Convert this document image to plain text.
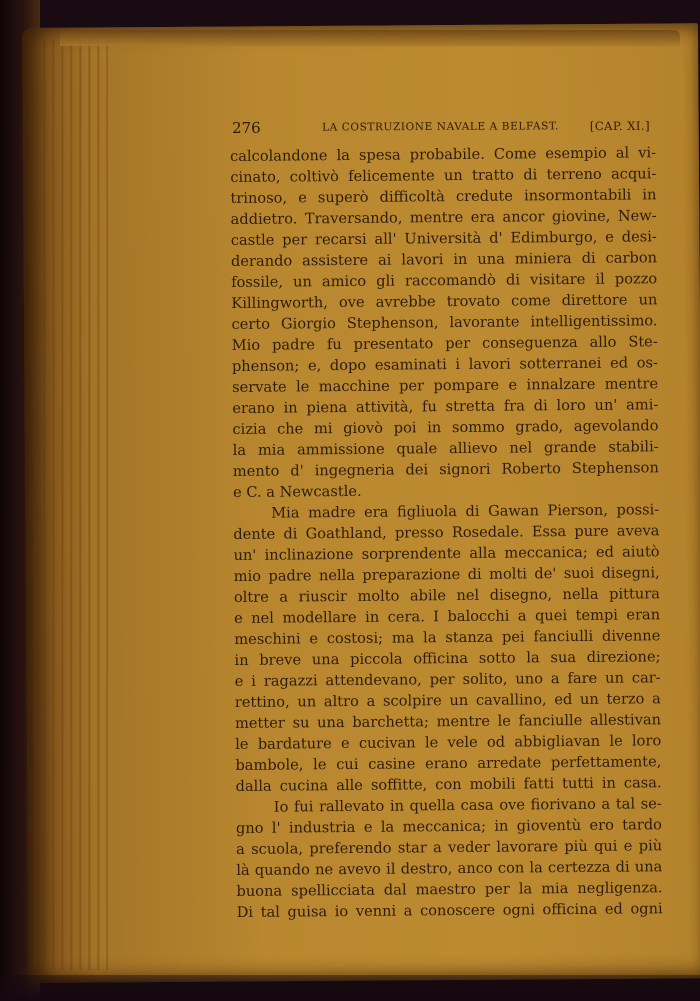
276	LA COSTRUZIONE NAVALE A BELFAST.	[CAP. XI.]
calcolandone la spesa probabile. Come esempio al vi-
cinato, coltivò felicemente un tratto di terreno acqui-
trinoso, e superò difficoltà credute insormontabili in
addietro. Traversando, mentre era ancor giovine, New-
castle per recarsi all' Università d' Edimburgo, e desi-
derando assistere ai lavori in una miniera di carbon
fossile, un amico gli raccomandò di visitare il pozzo
Killingworth, ove avrebbe trovato come direttore un
certo Giorgio Stephenson, lavorante intelligentissimo.
Mio padre fu presentato per conseguenza allo Ste-
phenson; e, dopo esaminati i lavori sotterranei ed os-
servate le macchine per pompare e innalzare mentre
erano in piena attività, fu stretta fra di loro un' ami-
cizia che mi giovò poi in sommo grado, agevolando
la mia ammissione quale allievo nel grande stabili-
mento d' ingegneria dei signori Roberto Stephenson
e C. a Newcastle.
Mia madre era figliuola di Gawan Pierson, possi-
dente di Goathland, presso Rosedale. Essa pure aveva
un' inclinazione sorprendente alla meccanica; ed aiutò
mio padre nella preparazione di molti de' suoi disegni,
oltre a riuscir molto abile nel disegno, nella pittura
e nel modellare in cera. I balocchi a quei tempi eran
meschini e costosi; ma la stanza pei fanciulli divenne
in breve una piccola officina sotto la sua direzione;
e i ragazzi attendevano, per solito, uno a fare un car-
rettino, un altro a scolpire un cavallino, ed un terzo a
metter su una barchetta; mentre le fanciulle allestivan
le bardature e cucivan le vele od abbigliavan le loro
bambole, le cui casine erano arredate perfettamente,
dalla cucina alle soffitte, con mobili fatti tutti in casa.
Io fui rallevato in quella casa ove fiorivano a tal se-
gno l' industria e la meccanica; in gioventù ero tardo
a scuola, preferendo star a veder lavorare più qui e più
là quando ne avevo il destro, anco con la certezza di una
buona spellicciata dal maestro per la mia negligenza.
Di tal guisa io venni a conoscere ogni officina ed ogni
